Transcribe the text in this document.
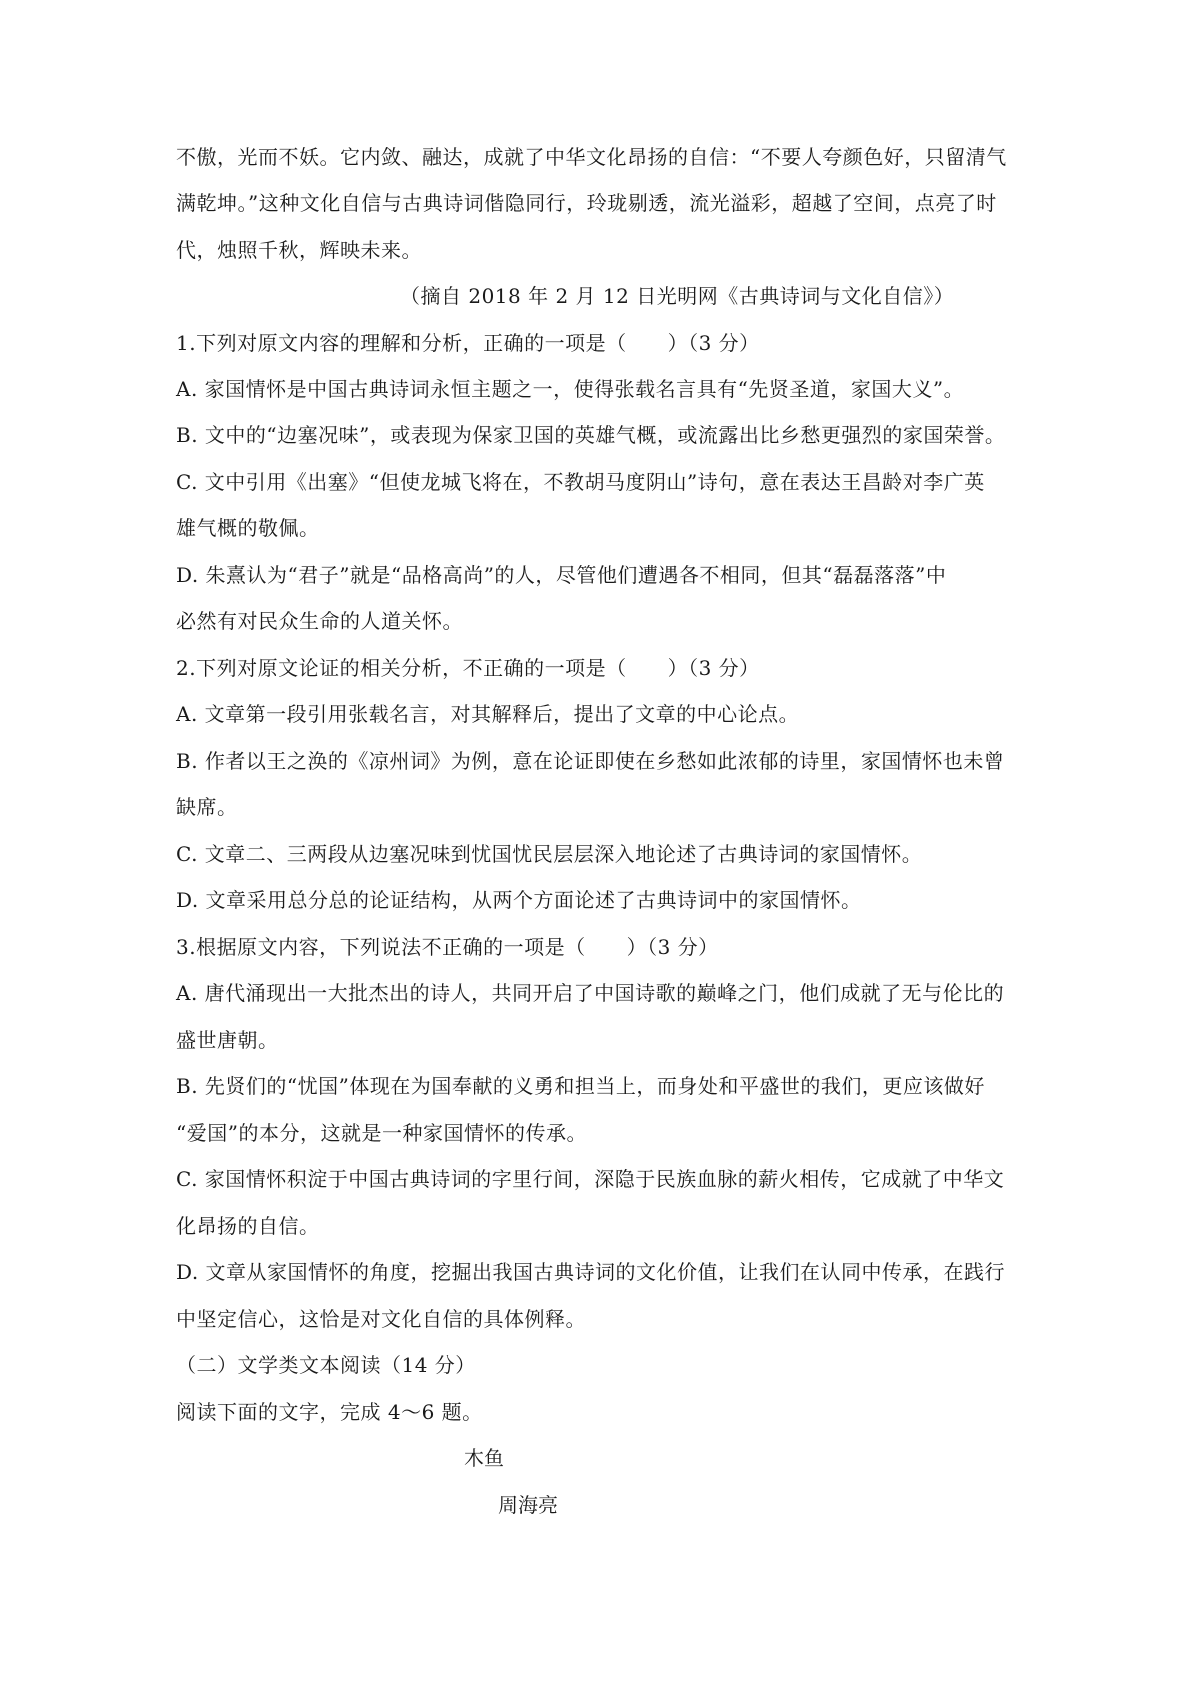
不傲，光而不妖。它内敛、融达，成就了中华文化昂扬的自信：“不要人夸颜色好，只留清气
满乾坤。”这种文化自信与古典诗词偕隐同行，玲珑剔透，流光溢彩，超越了空间，点亮了时
代，烛照千秋，辉映未来。
（摘自 2018 年 2 月 12 日光明网《古典诗词与文化自信》）
1.下列对原文内容的理解和分析，正确的一项是（　　）（3 分）
A. 家国情怀是中国古典诗词永恒主题之一，使得张载名言具有“先贤圣道，家国大义”。
B. 文中的“边塞况味”，或表现为保家卫国的英雄气概，或流露出比乡愁更强烈的家国荣誉。
C. 文中引用《出塞》“但使龙城飞将在，不教胡马度阴山”诗句，意在表达王昌龄对李广英
雄气概的敬佩。
D. 朱熹认为“君子”就是“品格高尚”的人，尽管他们遭遇各不相同，但其“磊磊落落”中
必然有对民众生命的人道关怀。
2.下列对原文论证的相关分析，不正确的一项是（　　）（3 分）
A. 文章第一段引用张载名言，对其解释后，提出了文章的中心论点。
B. 作者以王之涣的《凉州词》为例，意在论证即使在乡愁如此浓郁的诗里，家国情怀也未曾
缺席。
C. 文章二、三两段从边塞况味到忧国忧民层层深入地论述了古典诗词的家国情怀。
D. 文章采用总分总的论证结构，从两个方面论述了古典诗词中的家国情怀。
3.根据原文内容，下列说法不正确的一项是（　　）（3 分）
A. 唐代涌现出一大批杰出的诗人，共同开启了中国诗歌的巅峰之门，他们成就了无与伦比的
盛世唐朝。
B. 先贤们的“忧国”体现在为国奉献的义勇和担当上，而身处和平盛世的我们，更应该做好
“爱国”的本分，这就是一种家国情怀的传承。
C. 家国情怀积淀于中国古典诗词的字里行间，深隐于民族血脉的薪火相传，它成就了中华文
化昂扬的自信。
D. 文章从家国情怀的角度，挖掘出我国古典诗词的文化价值，让我们在认同中传承，在践行
中坚定信心，这恰是对文化自信的具体例释。
（二）文学类文本阅读（14 分）
阅读下面的文字，完成 4～6 题。
木鱼
周海亮
